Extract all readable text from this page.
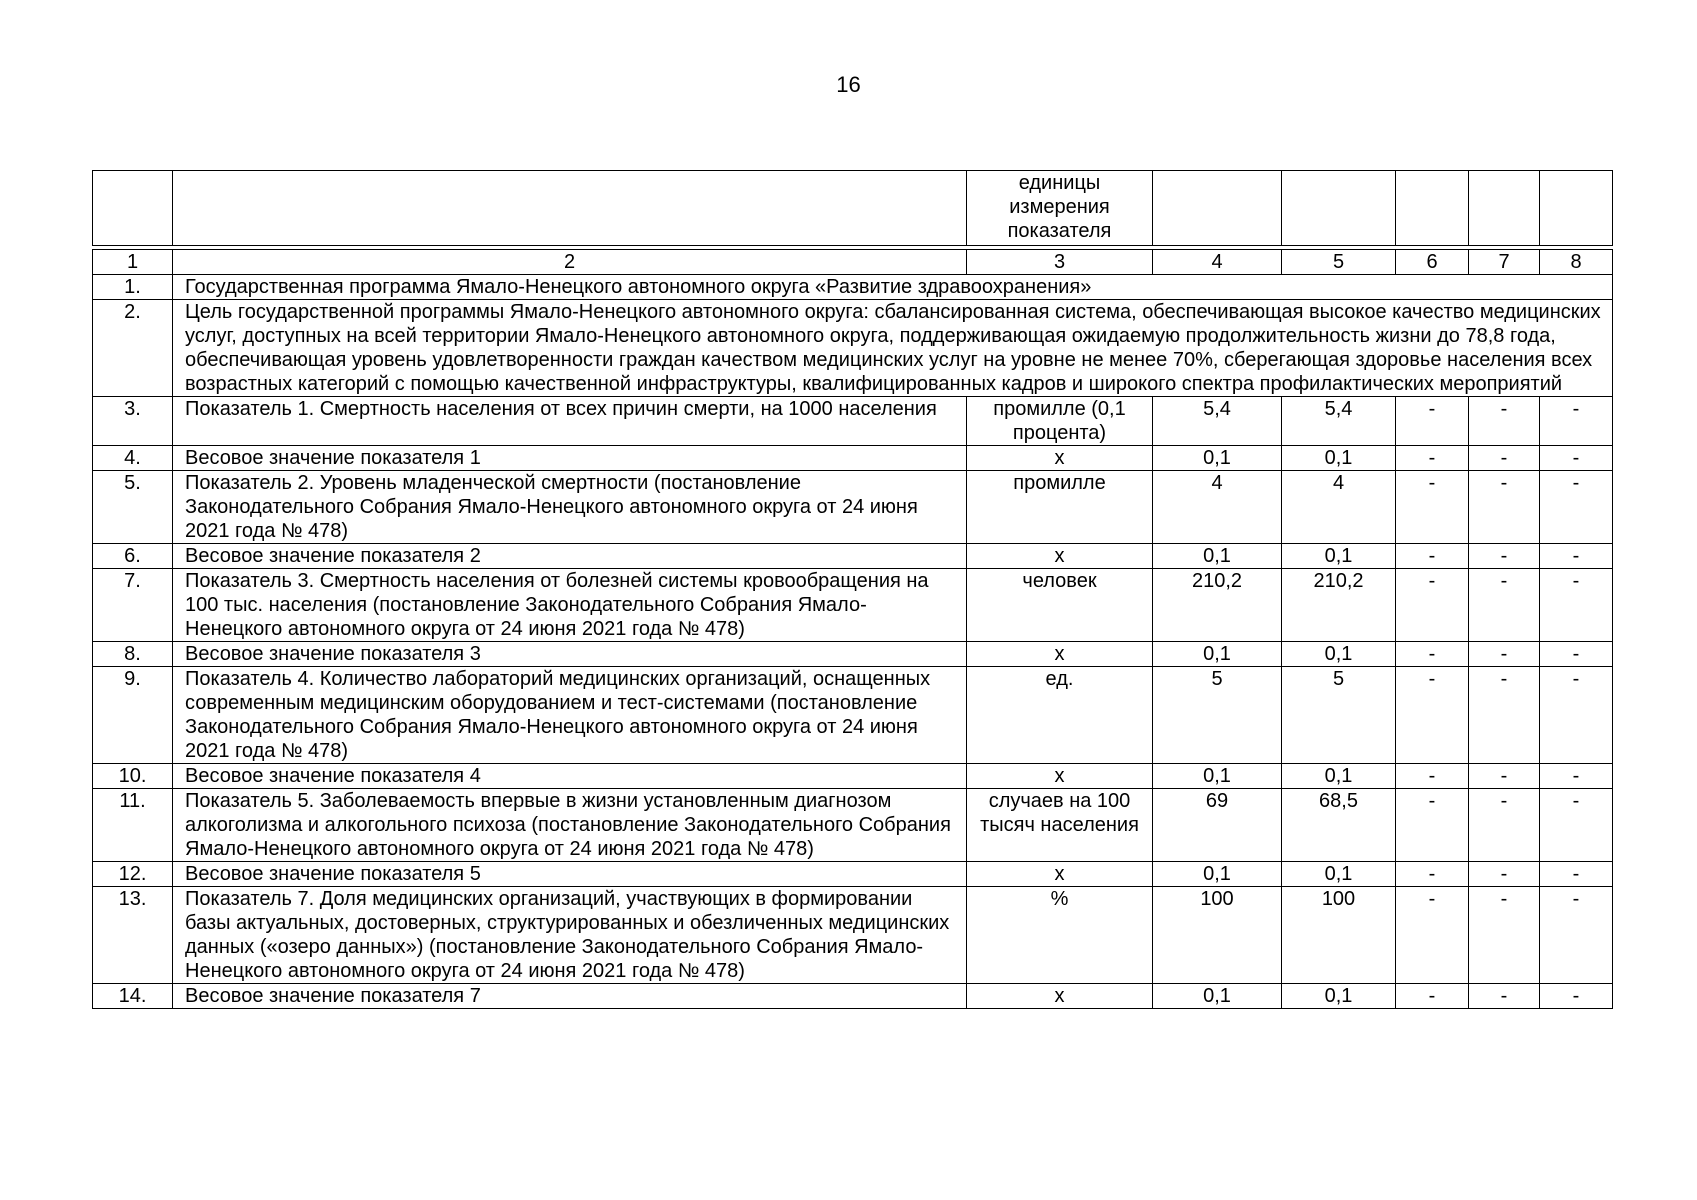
16
		единицы измерения показателя					

1	2	3	4	5	6	7	8
1.	Государственная программа Ямало-Ненецкого автономного округа «Развитие здравоохранения»						
2.	Цель государственной программы Ямало-Ненецкого автономного округа: сбалансированная система, обеспечивающая высокое качество медицинских услуг, доступных на всей территории Ямало-Ненецкого автономного округа, поддерживающая ожидаемую продолжительность жизни до 78,8 года, обеспечивающая уровень удовлетворенности граждан качеством медицинских услуг на уровне не менее 70%, сберегающая здоровье населения всех возрастных категорий с помощью качественной инфраструктуры, квалифицированных кадров и широкого спектра профилактических мероприятий						
3.	Показатель 1. Смертность населения от всех причин смерти, на 1000 населения	промилле (0,1 процента)	5,4	5,4	-	-	-
4.	Весовое значение показателя 1	х	0,1	0,1	-	-	-
5.	Показатель 2. Уровень младенческой смертности (постановление Законодательного Собрания Ямало-Ненецкого автономного округа от 24 июня 2021 года № 478)	промилле	4	4	-	-	-
6.	Весовое значение показателя 2	х	0,1	0,1	-	-	-
7.	Показатель 3. Смертность населения от болезней системы кровообращения на 100 тыс. населения (постановление Законодательного Собрания Ямало-Ненецкого автономного округа от 24 июня 2021 года № 478)	человек	210,2	210,2	-	-	-
8.	Весовое значение показателя 3	х	0,1	0,1	-	-	-
9.	Показатель 4. Количество лабораторий медицинских организаций, оснащенных современным медицинским оборудованием и тест-системами (постановление Законодательного Собрания Ямало-Ненецкого автономного округа от 24 июня 2021 года № 478)	ед.	5	5	-	-	-
10.	Весовое значение показателя 4	х	0,1	0,1	-	-	-
11.	Показатель 5. Заболеваемость впервые в жизни установленным диагнозом алкоголизма и алкогольного психоза (постановление Законодательного Собрания Ямало-Ненецкого автономного округа от 24 июня 2021 года № 478)	случаев на 100 тысяч населения	69	68,5	-	-	-
12.	Весовое значение показателя 5	х	0,1	0,1	-	-	-
13.	Показатель 7. Доля медицинских организаций, участвующих в формировании базы актуальных, достоверных, структурированных и обезличенных медицинских данных («озеро данных») (постановление Законодательного Собрания Ямало-Ненецкого автономного округа от 24 июня 2021 года № 478)	%	100	100	-	-	-
14.	Весовое значение показателя 7	х	0,1	0,1	-	-	-
